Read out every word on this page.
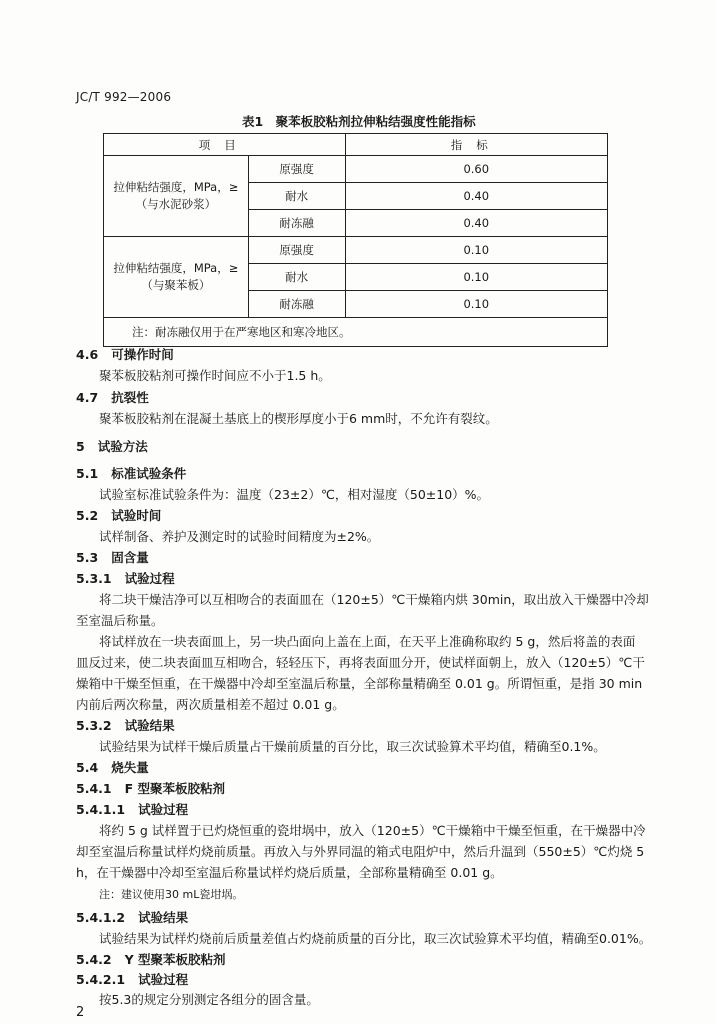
JC/T 992—2006
表1 聚苯板胶粘剂拉伸粘结强度性能指标
项目		指标

拉伸粘结强度，MPa，≥
（与水泥砂浆）	原强度	0.60
	耐水	0.40
	耐冻融	0.40

拉伸粘结强度，MPa，≥
（与聚苯板）	原强度	0.10
	耐水	0.10
	耐冻融	0.10
注：耐冻融仅用于在严寒地区和寒冷地区。		
4.6 可操作时间
聚苯板胶粘剂可操作时间应不小于1.5 h。
4.7 抗裂性
聚苯板胶粘剂在混凝土基底上的楔形厚度小于6 mm时，不允许有裂纹。
5 试验方法
5.1 标准试验条件
试验室标准试验条件为：温度（23±2）℃，相对湿度（50±10）%。
5.2 试验时间
试样制备、养护及测定时的试验时间精度为±2%。
5.3 固含量
5.3.1 试验过程
将二块干燥洁净可以互相吻合的表面皿在（120±5）℃干燥箱内烘 30min，取出放入干燥器中冷却
至室温后称量。
将试样放在一块表面皿上，另一块凸面向上盖在上面，在天平上准确称取约 5 g，然后将盖的表面
皿反过来，使二块表面皿互相吻合，轻轻压下，再将表面皿分开，使试样面朝上，放入（120±5）℃干
燥箱中干燥至恒重，在干燥器中冷却至室温后称量，全部称量精确至 0.01 g。所谓恒重，是指 30 min
内前后两次称量，两次质量相差不超过 0.01 g。
5.3.2 试验结果
试验结果为试样干燥后质量占干燥前质量的百分比，取三次试验算术平均值，精确至0.1%。
5.4 烧失量
5.4.1 F 型聚苯板胶粘剂
5.4.1.1 试验过程
将约 5 g 试样置于已灼烧恒重的瓷坩埚中，放入（120±5）℃干燥箱中干燥至恒重，在干燥器中冷
却至室温后称量试样灼烧前质量。再放入与外界同温的箱式电阻炉中，然后升温到（550±5）℃灼烧 5
h，在干燥器中冷却至室温后称量试样灼烧后质量，全部称量精确至 0.01 g。
注：建议使用30 mL瓷坩埚。
5.4.1.2 试验结果
试验结果为试样灼烧前后质量差值占灼烧前质量的百分比，取三次试验算术平均值，精确至0.01%。
5.4.2 Y 型聚苯板胶粘剂
5.4.2.1 试验过程
按5.3的规定分别测定各组分的固含量。
2
